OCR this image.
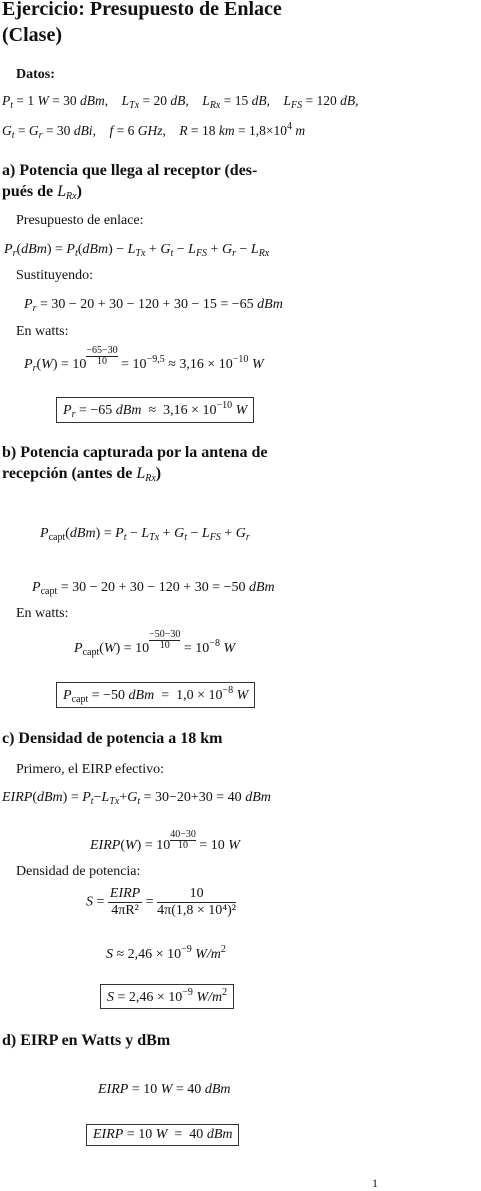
Ejercicio: Presupuesto de Enlace
(Clase)
Datos:
$P_t = 1$ W = 30 dBm,    $L_{Tx} = 20$ dB,    $L_{Rx} = 15$ dB,    $L_{FS} = 120$ dB,
$G_t = G_r = 30$ dBi,    f = 6 GHz,    R = 18 km = $1,8\times 10^4$ m
a) Potencia que llega al receptor (des-
pués de $L_{Rx}$)
Presupuesto de enlace:
$P_r(dBm) = P_t(dBm) - L_{Tx} + G_t - L_{FS} + G_r - L_{Rx}$
Sustituyendo:
$P_r = 30 - 20 + 30 - 120 + 30 - 15 = -65$ dBm
En watts:
$P_r(W) = 10 \frac{-65-30}{10} = 10^{-9,5} \approx 3,16 \times 10^{-10}$ W
$P_r = -65$ dBm  ≈  $3,16 \times 10^{-10}$ W
b) Potencia capturada por la antena de
recepción (antes de $L_{Rx}$)
$P_{capt}(dBm) = P_t - L_{Tx} + G_t - L_{FS} + G_r$
$P_{capt} = 30 - 20 + 30 - 120 + 30 = -50$ dBm
En watts:
$P_{capt}(W) = 10 \frac{-50-30}{10} = 10^{-8}$ W
$P_{capt} = -50$ dBm  =  $1,0 \times 10^{-8}$ W
c) Densidad de potencia a 18 km
Primero, el EIRP efectivo:
EIRP(dBm) = $P_t-L_{Tx}+G_t = 30-20+30 = 40$ dBm
EIRP(W) = $10 \frac{40-30}{10} = 10$ W
Densidad de potencia:
$S = \frac{\text{EIRP}}{\text{4πR²}} = \frac{10}{\text{4π(1,8 × 10⁴)²}}$
$S \approx 2,46 \times 10^{-9}$ $W/m^2$
$S = 2,46 \times 10^{-9}$ $W/m^2$
d) EIRP en Watts y dBm
EIRP = 10 W = 40 dBm
EIRP = 10 W  =  40 dBm
1
